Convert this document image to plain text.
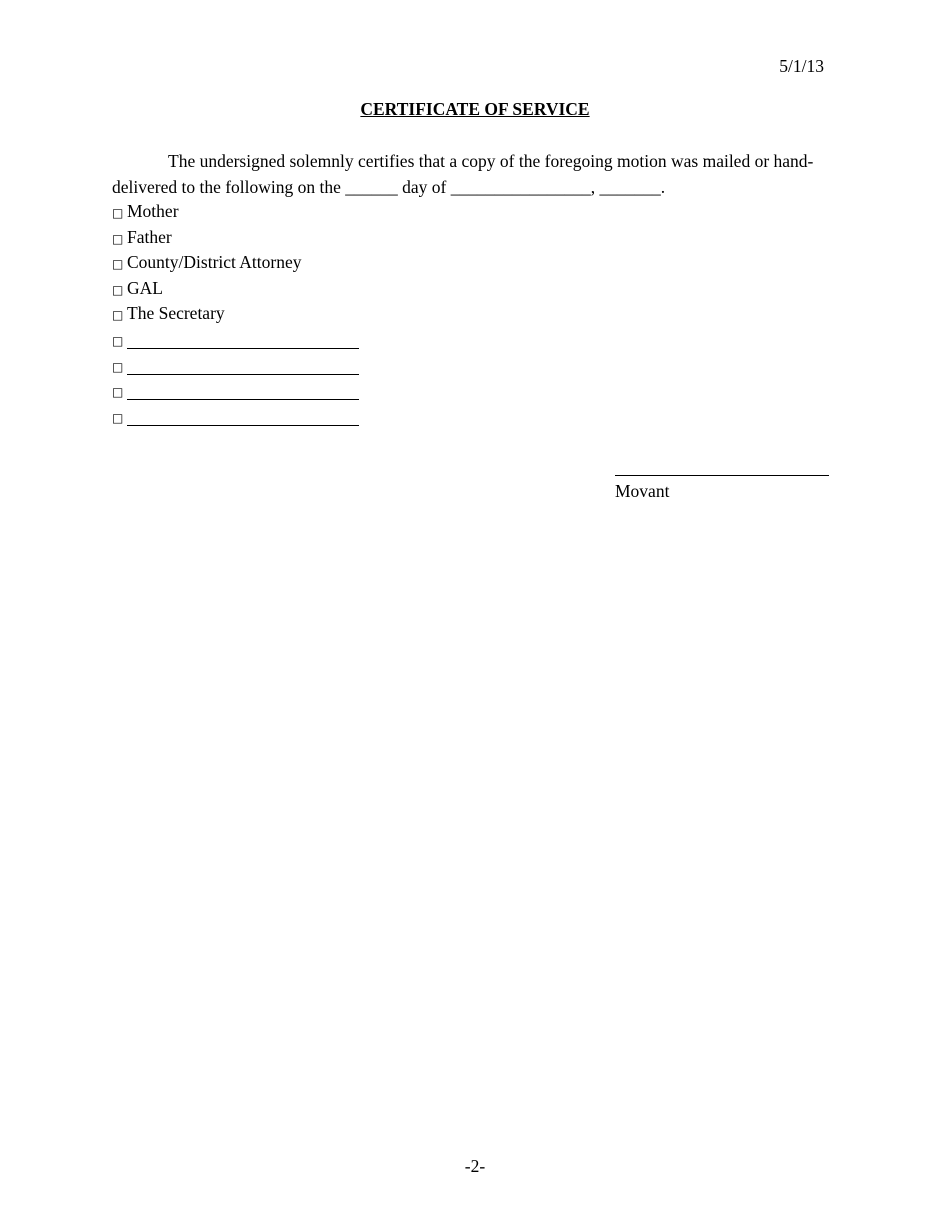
5/1/13
CERTIFICATE OF SERVICE

The undersigned solemnly certifies that a copy of the foregoing motion was mailed or hand-delivered to the following on the ______ day of ________________, _______.

□ Mother
□ Father
□ County/District Attorney
□ GAL
□ The Secretary
□
□
□
□
Movant
-2-
